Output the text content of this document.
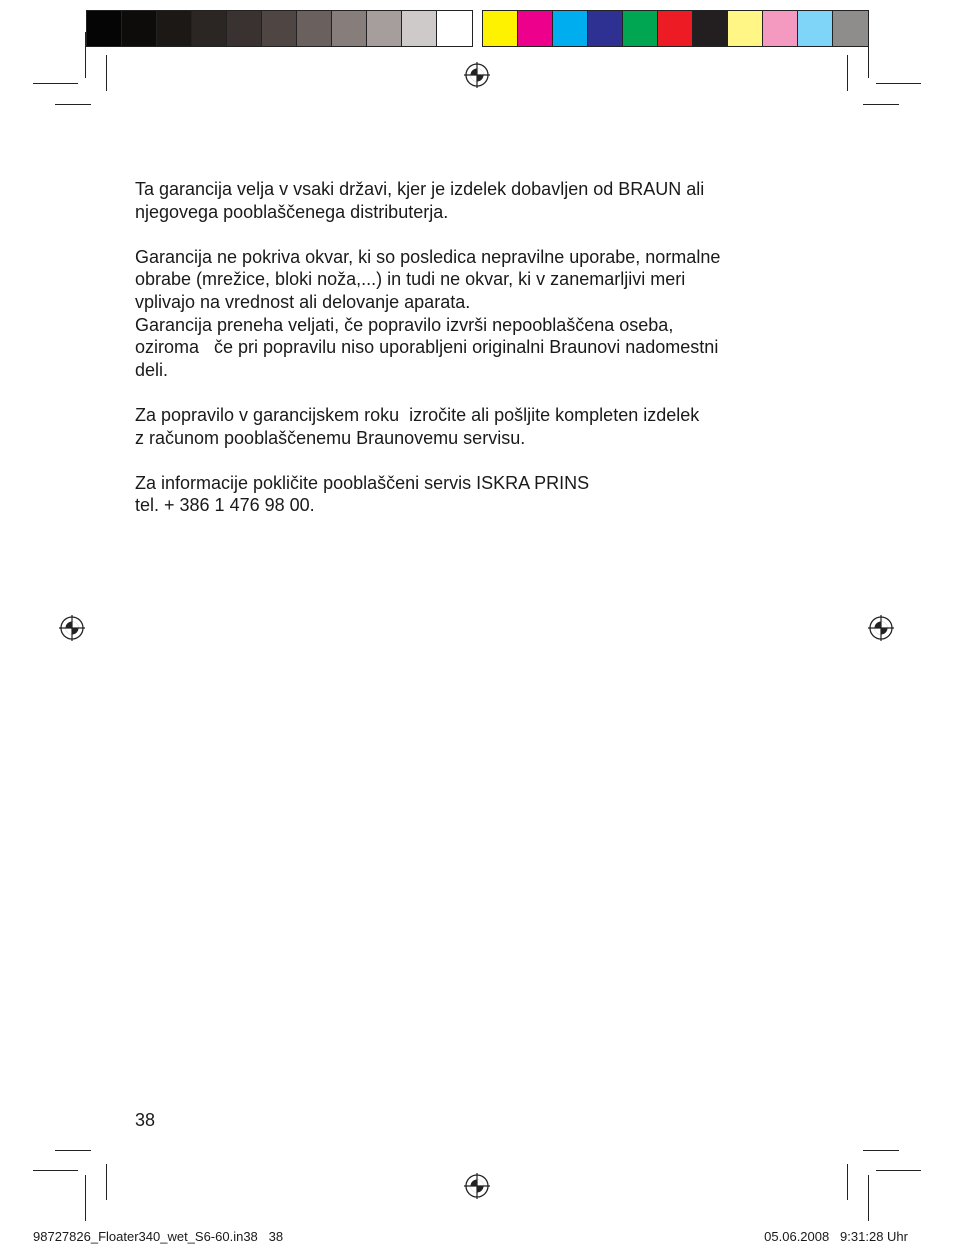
Ta garancija velja v vsaki državi, kjer je izdelek dobavljen od BRAUN ali
njegovega pooblaščenega distributerja.

Garancija ne pokriva okvar, ki so posledica nepravilne uporabe, normalne
obrabe (mrežice, bloki noža,...) in tudi ne okvar, ki v zanemarljivi meri
vplivajo na vrednost ali delovanje aparata.

Garancija preneha veljati, če popravilo izvrši nepooblaščena oseba,
oziroma   če pri popravilu niso uporabljeni originalni Braunovi nadomestni
deli.

Za popravilo v garancijskem roku  izročite ali pošljite kompleten izdelek
z računom pooblaščenemu Braunovemu servisu.

Za informacije pokličite pooblaščeni servis ISKRA PRINS
tel. + 386 1 476 98 00.

38
98727826_Floater340_wet_S6-60.in38   38	05.06.2008   9:31:28 Uhr
